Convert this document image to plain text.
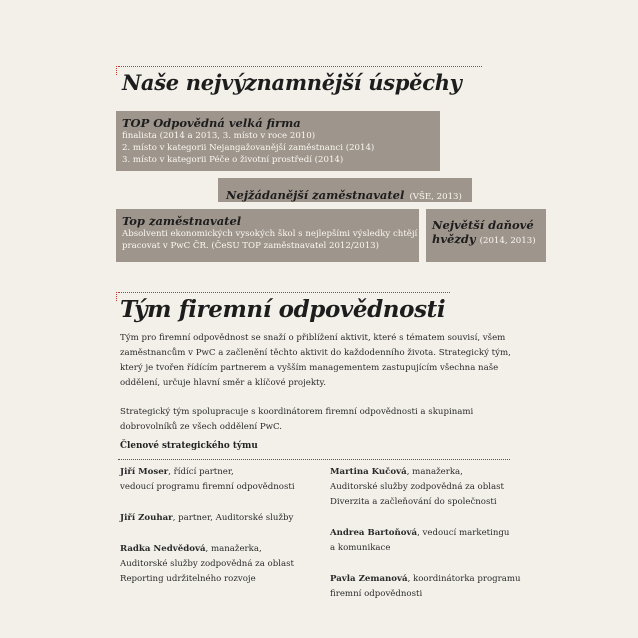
Naše nejvýznamnější úspěchy
TOP Odpovědná velká firma
finalista (2014 a 2013, 3. místo v roce 2010)
2. místo v kategorii Nejangažovanější zaměstnanci (2014)
3. místo v kategorii Péče o životní prostředí (2014)
Nejžádanější zaměstnavatel (VŠE, 2013)
Top zaměstnavatel
Absolventi ekonomických vysokých škol s nejlepšími výsledky chtějí
pracovat v PwC ČR. (ČeSU TOP zaměstnavatel 2012/2013)
Největší daňové
hvězdy (2014, 2013)
Tým firemní odpovědnosti

Tým pro firemní odpovědnost se snaží o přiblížení aktivit, které s tématem souvisí, všem
zaměstnancům v PwC a začlenění těchto aktivit do každodenního života. Strategický tým,
který je tvořen řídícím partnerem a vyšším managementem zastupujícím všechna naše
oddělení, určuje hlavní směr a klíčové projekty.

Strategický tým spolupracuje s koordinátorem firemní odpovědnosti a skupinami
dobrovolníků ze všech oddělení PwC.

Členové strategického týmu
Jiří Moser, řídící partner,
vedoucí programu firemní odpovědnosti
Jiří Zouhar, partner, Auditorské služby
Radka Nedvědová, manažerka,
Auditorské služby zodpovědná za oblast
Reporting udržitelného rozvoje
Martina Kučová, manažerka,
Auditorské služby zodpovědná za oblast
Diverzita a začleňování do společnosti
Andrea Bartoňová, vedoucí marketingu
a komunikace
Pavla Zemanová, koordinátorka programu
firemní odpovědnosti
